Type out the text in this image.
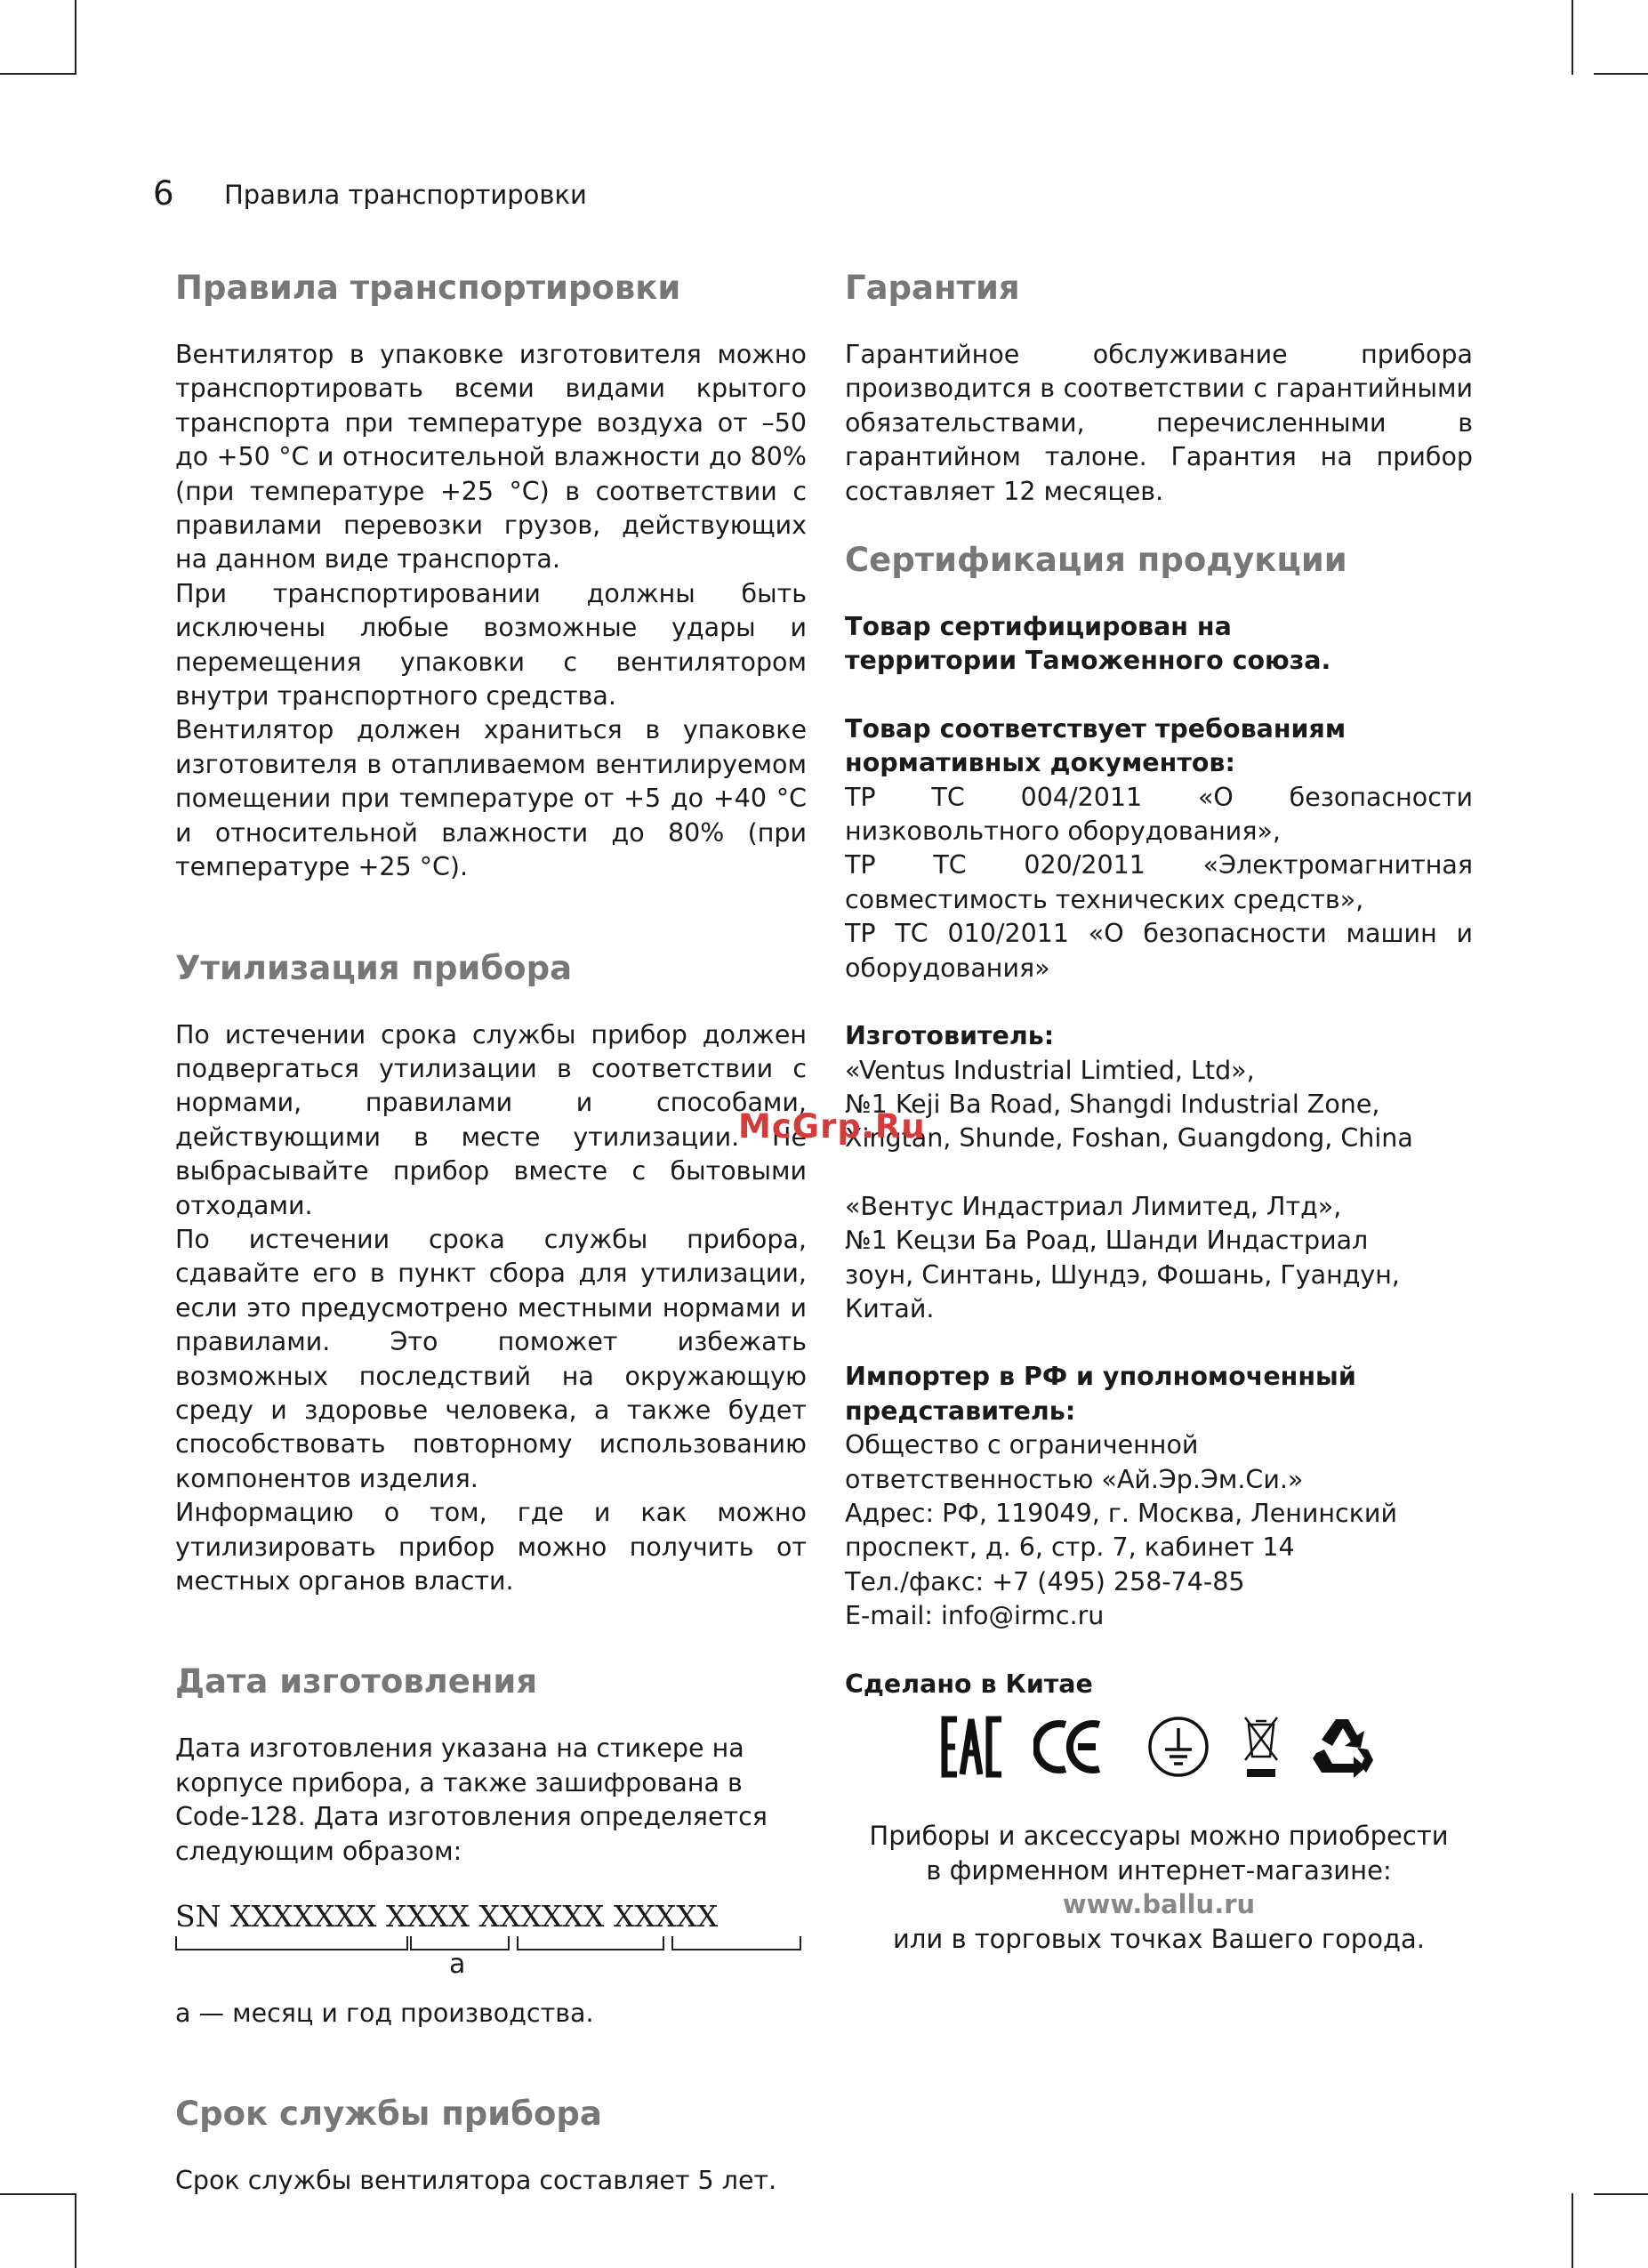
6 Правила транспортировки
Правила транспортировки

Вентилятор в упаковке изготовителя можно транспортировать всеми видами крытого транспорта при температуре воздуха от –50 до +50 °C и относительной влажности до 80% (при температуре +25 °C) в соответствии с правилами перевозки грузов, действующих на данном виде транспорта.

При транспортировании должны быть исключены любые возможные удары и перемещения упаковки с вентилятором внутри транспортного средства.

Вентилятор должен храниться в упаковке изготовителя в отапливаемом вентилируемом помещении при температуре от +5 до +40 °C и относительной влажности до 80% (при температуре +25 °C).

Утилизация прибора

По истечении срока службы прибор должен подвергаться утилизации в соответствии с нормами, правилами и способами, действующими в месте утилизации. Не выбрасывайте прибор вместе с бытовыми отходами.

По истечении срока службы прибора, сдавайте его в пункт сбора для утилизации, если это предусмотрено местными нормами и правилами. Это поможет избежать возможных последствий на окружающую среду и здоровье человека, а также будет способствовать повторному использованию компонентов изделия.

Информацию о том, где и как можно утилизировать прибор можно получить от местных органов власти.

Дата изготовления

Дата изготовления указана на стикере на корпусе прибора, а также зашифрована в Code-128. Дата изготовления определяется следующим образом:

SN XXXXXXX XXXX XXXXXX XXXXX
а

а — месяц и год производства.

Срок службы прибора

Срок службы вентилятора составляет 5 лет.

Гарантия

Гарантийное обслуживание прибора производится в соответствии с гарантийными обязательствами, перечисленными в гарантийном талоне. Гарантия на прибор составляет 12 месяцев.

Сертификация продукции

Товар сертифицирован на территории Таможенного союза.

Товар соответствует требованиям нормативных документов:

ТР ТС 004/2011 «О безопасности низковольтного оборудования»,

ТР ТС 020/2011 «Электромагнитная совместимость технических средств»,

ТР ТС 010/2011 «О безопасности машин и оборудования»

Изготовитель:

«Ventus Industrial Limtied, Ltd»,

№1 Keji Ba Road, Shangdi Industrial Zone, Xingtan, Shunde, Foshan, Guangdong, China

«Вентус Индастриал Лимитед, Лтд»,

№1 Кецзи Ба Роад, Шанди Индастриал зоун, Синтань, Шундэ, Фошань, Гуандун, Китай.

Импортер в РФ и уполномоченный представитель:

Общество с ограниченной ответственностью «Ай.Эр.Эм.Си.»

Адрес: РФ, 119049, г. Москва, Ленинский проспект, д. 6, стр. 7, кабинет 14

Тел./факс: +7 (495) 258-74-85

E-mail: info@irmc.ru

Сделано в Китае

Приборы и аксессуары можно приобрести
в фирменном интернет-магазине:
www.ballu.ru
или в торговых точках Вашего города.
McGrp.Ru
